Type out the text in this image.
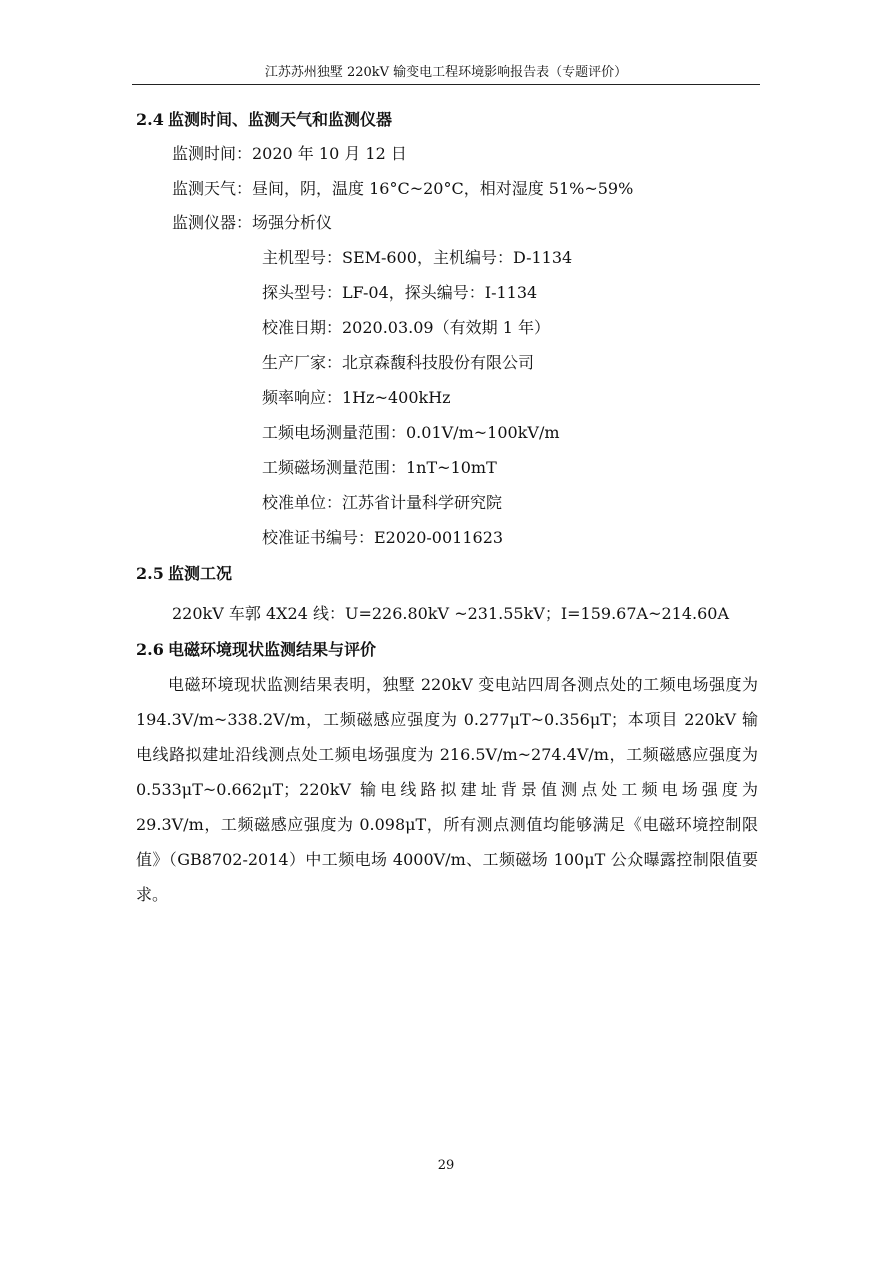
江苏苏州独墅 220kV 输变电工程环境影响报告表（专题评价）
2.4 监测时间、监测天气和监测仪器
监测时间：2020 年 10 月 12 日
监测天气：昼间，阴，温度 16°C~20°C，相对湿度 51%~59%
监测仪器：场强分析仪
主机型号：SEM-600，主机编号：D-1134
探头型号：LF-04，探头编号：I-1134
校准日期：2020.03.09（有效期 1 年）
生产厂家：北京森馥科技股份有限公司
频率响应：1Hz~400kHz
工频电场测量范围：0.01V/m~100kV/m
工频磁场测量范围：1nT~10mT
校准单位：江苏省计量科学研究院
校准证书编号：E2020-0011623
2.5 监测工况
220kV 车郭 4X24 线：U=226.80kV ~231.55kV；I=159.67A~214.60A
2.6 电磁环境现状监测结果与评价

电磁环境现状监测结果表明，独墅 220kV 变电站四周各测点处的工频电场强度为 194.3V/m~338.2V/m，工频磁感应强度为 0.277μT~0.356μT；本项目 220kV 输电线路拟建址沿线测点处工频电场强度为 216.5V/m~274.4V/m，工频磁感应强度为 0.533μT~0.662μT；220kV 输电线路拟建址背景值测点处工频电场强度为 29.3V/m，工频磁感应强度为 0.098μT，所有测点测值均能够满足《电磁环境控制限值》（GB8702-2014）中工频电场 4000V/m、工频磁场 100μT 公众曝露控制限值要求。

29
